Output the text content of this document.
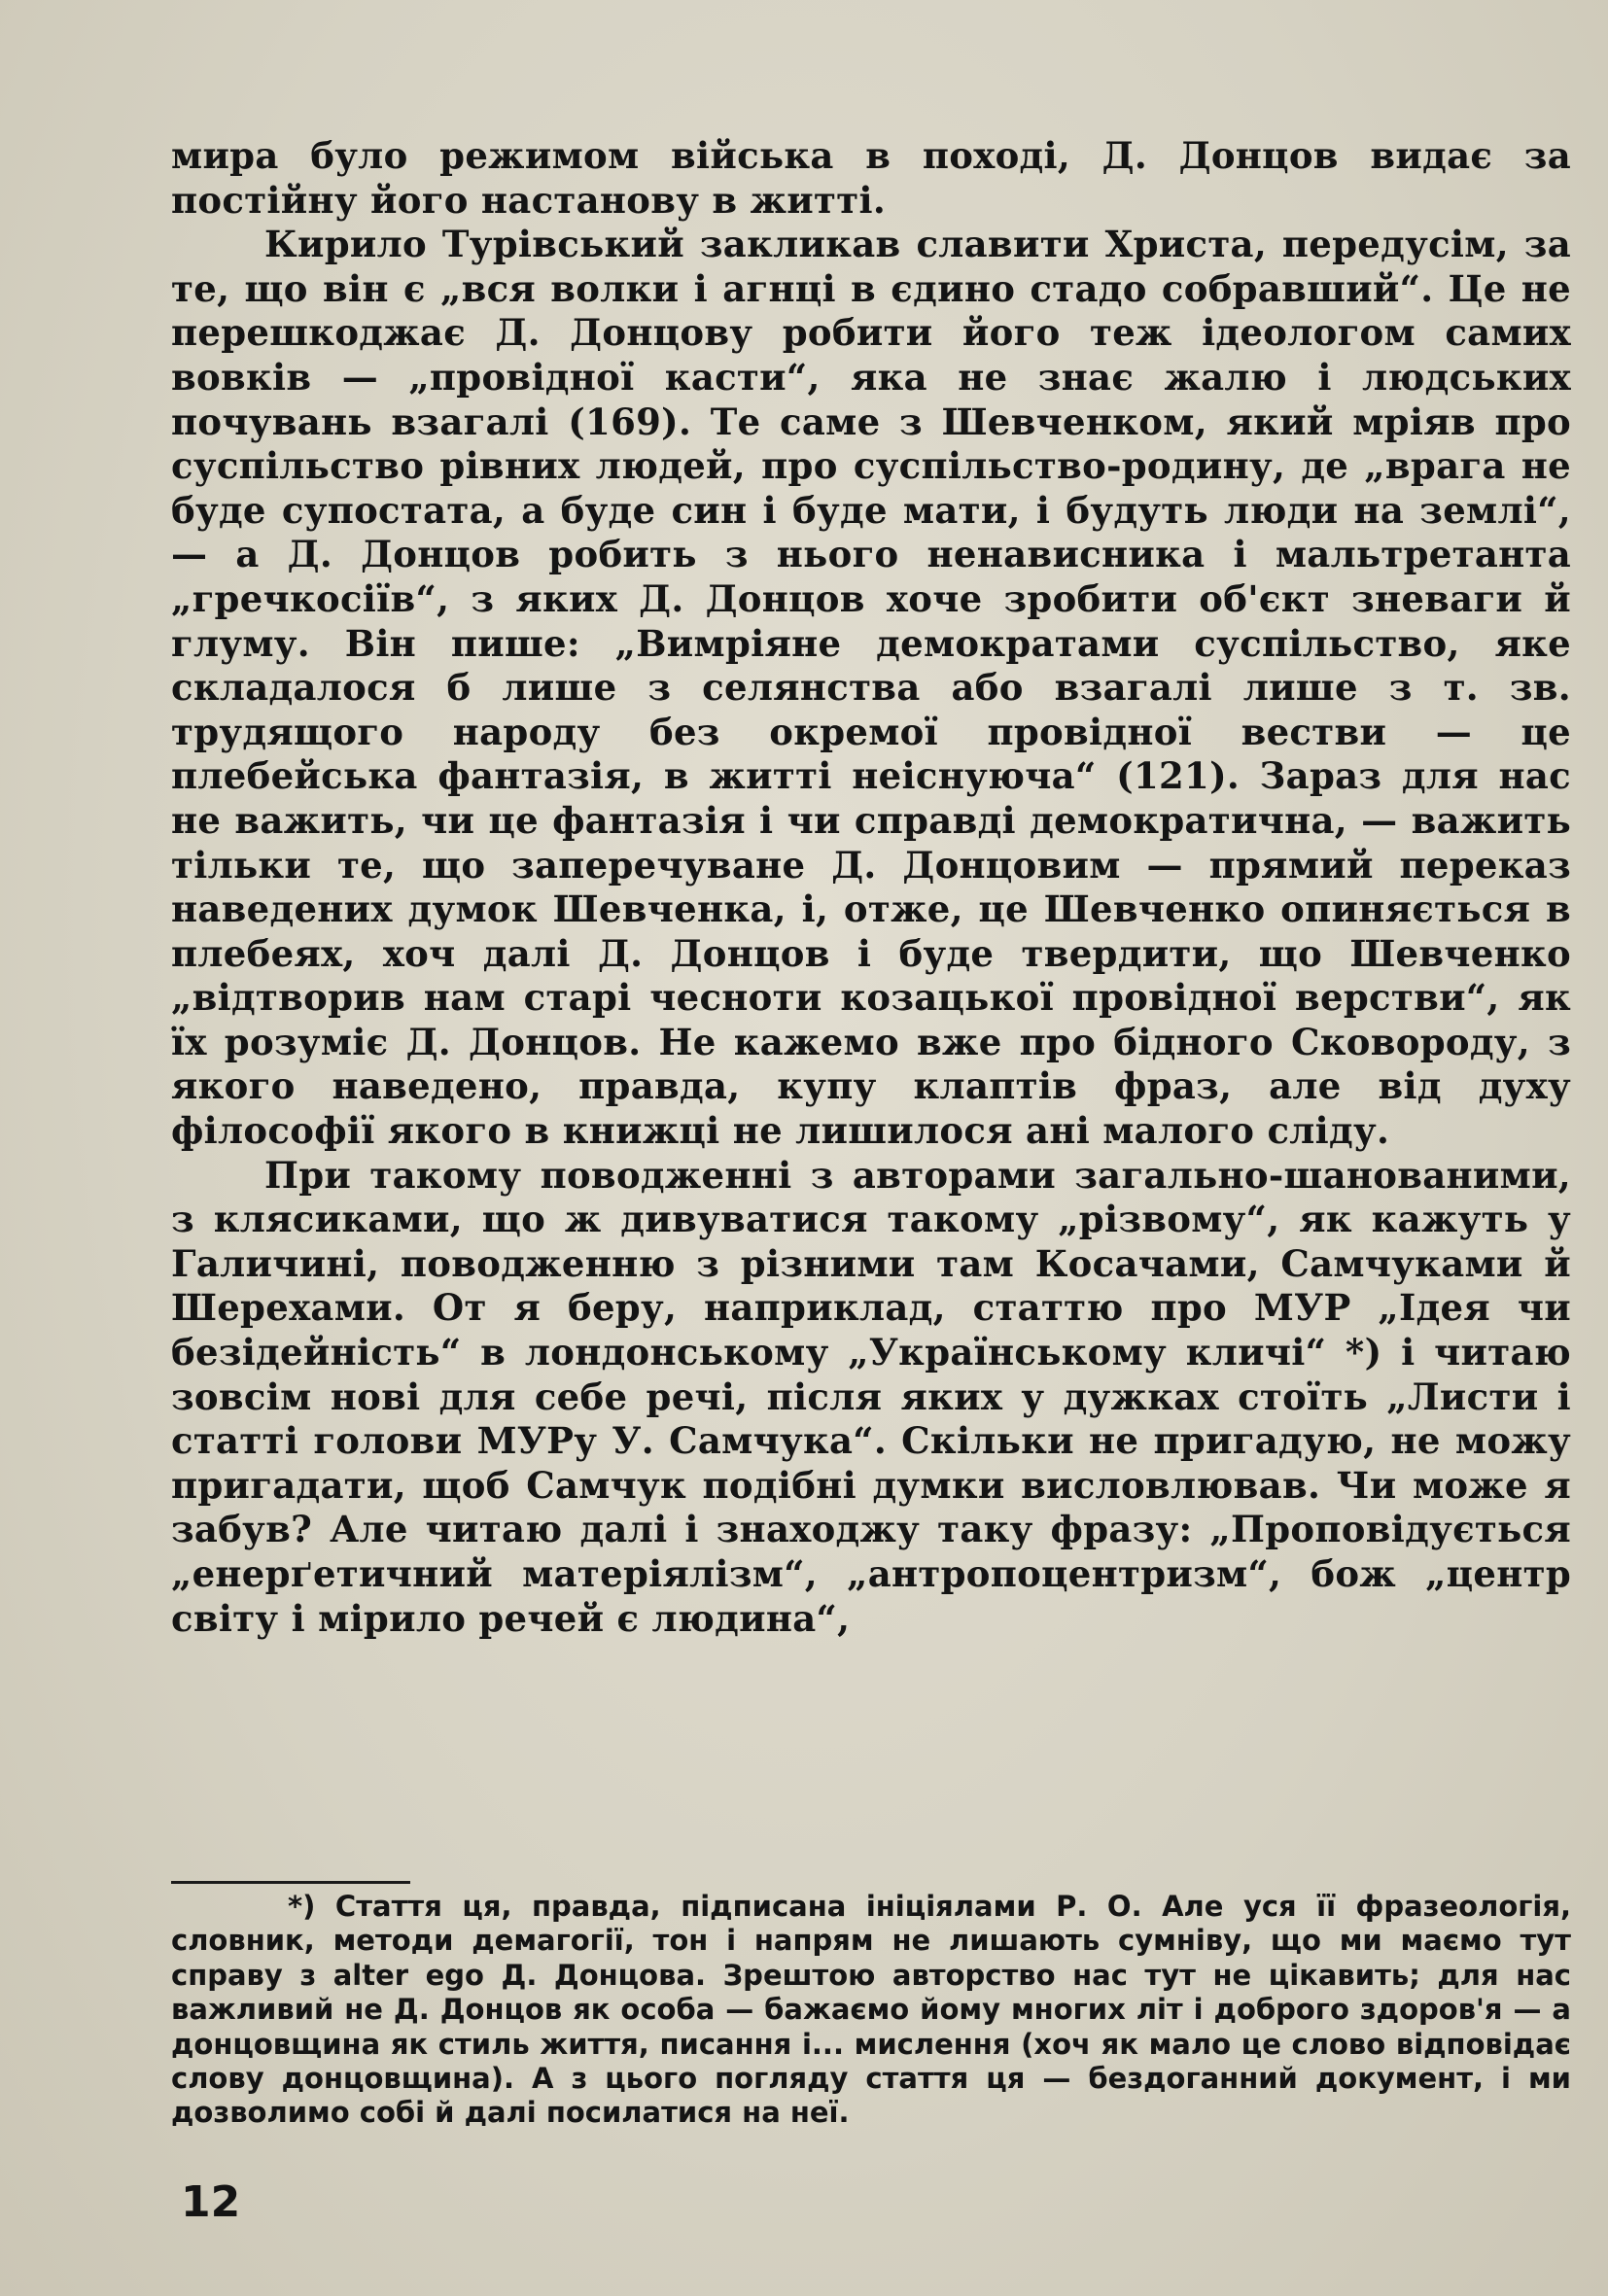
мира було режимом війська в поході, Д. Донцов видає за постійну його настанову в житті.

Кирило Турівський закликав славити Христа, передусім, за те, що він є „вся волки і агнці в єдино стадо собравший“. Це не перешкоджає Д. Донцову робити його теж ідеологом самих вовків — „провідної касти“, яка не знає жалю і людських почувань взагалі (169). Те саме з Шевченком, який мріяв про суспільство рівних людей, про суспільство-родину, де „врага не буде супостата, а буде син і буде мати, і будуть люди на землі“, — а Д. Донцов робить з нього ненависника і мальтретанта „гречкосіїв“, з яких Д. Донцов хоче зробити об'єкт зневаги й глуму. Він пише: „Вимріяне демократами суспільство, яке складалося б лише з селянства або взагалі лише з т. зв. трудящого народу без окремої провідної вестви — це плебейська фантазія, в житті неіснуюча“ (121). Зараз для нас не важить, чи це фантазія і чи справді демократична, — важить тільки те, що заперечуване Д. Донцовим — прямий переказ наведених думок Шевченка, і, отже, це Шевченко опиняється в плебеях, хоч далі Д. Донцов і буде твердити, що Шевченко „відтворив нам старі чесноти козацької провідної верстви“, як їх розуміє Д. Донцов. Не кажемо вже про бідного Сковороду, з якого наведено, правда, купу клаптів фраз, але від духу філософії якого в книжці не лишилося ані малого сліду.

При такому поводженні з авторами загально-шанованими, з клясиками, що ж дивуватися такому „різвому“, як кажуть у Галичині, поводженню з різними там Косачами, Самчуками й Шерехами. От я беру, наприклад, статтю про МУР „Ідея чи безідейність“ в лондонському „Українському кличі“ *) і читаю зовсім нові для себе речі, після яких у дужках стоїть „Листи і статті голови МУРу У. Самчука“. Скільки не пригадую, не можу пригадати, щоб Самчук подібні думки висловлював. Чи може я забув? Але читаю далі і знаходжу таку фразу: „Проповідується „енерґетичний матеріялізм“, „антропоцентризм“, бож „центр світу і мірило речей є людина“,

*) Стаття ця, правда, підписана ініціялами Р. О. Але уся її фразеологія, словник, методи демагогії, тон і напрям не лишають сумніву, що ми маємо тут справу з alter ego Д. Донцова. Зрештою авторство нас тут не цікавить; для нас важливий не Д. Донцов як особа — бажаємо йому многих літ і доброго здоров'я — а донцовщина як стиль життя, писання і... мислення (хоч як мало це слово відповідає слову донцовщина). А з цього погляду стаття ця — бездоганний документ, і ми дозволимо собі й далі посилатися на неї.

12
